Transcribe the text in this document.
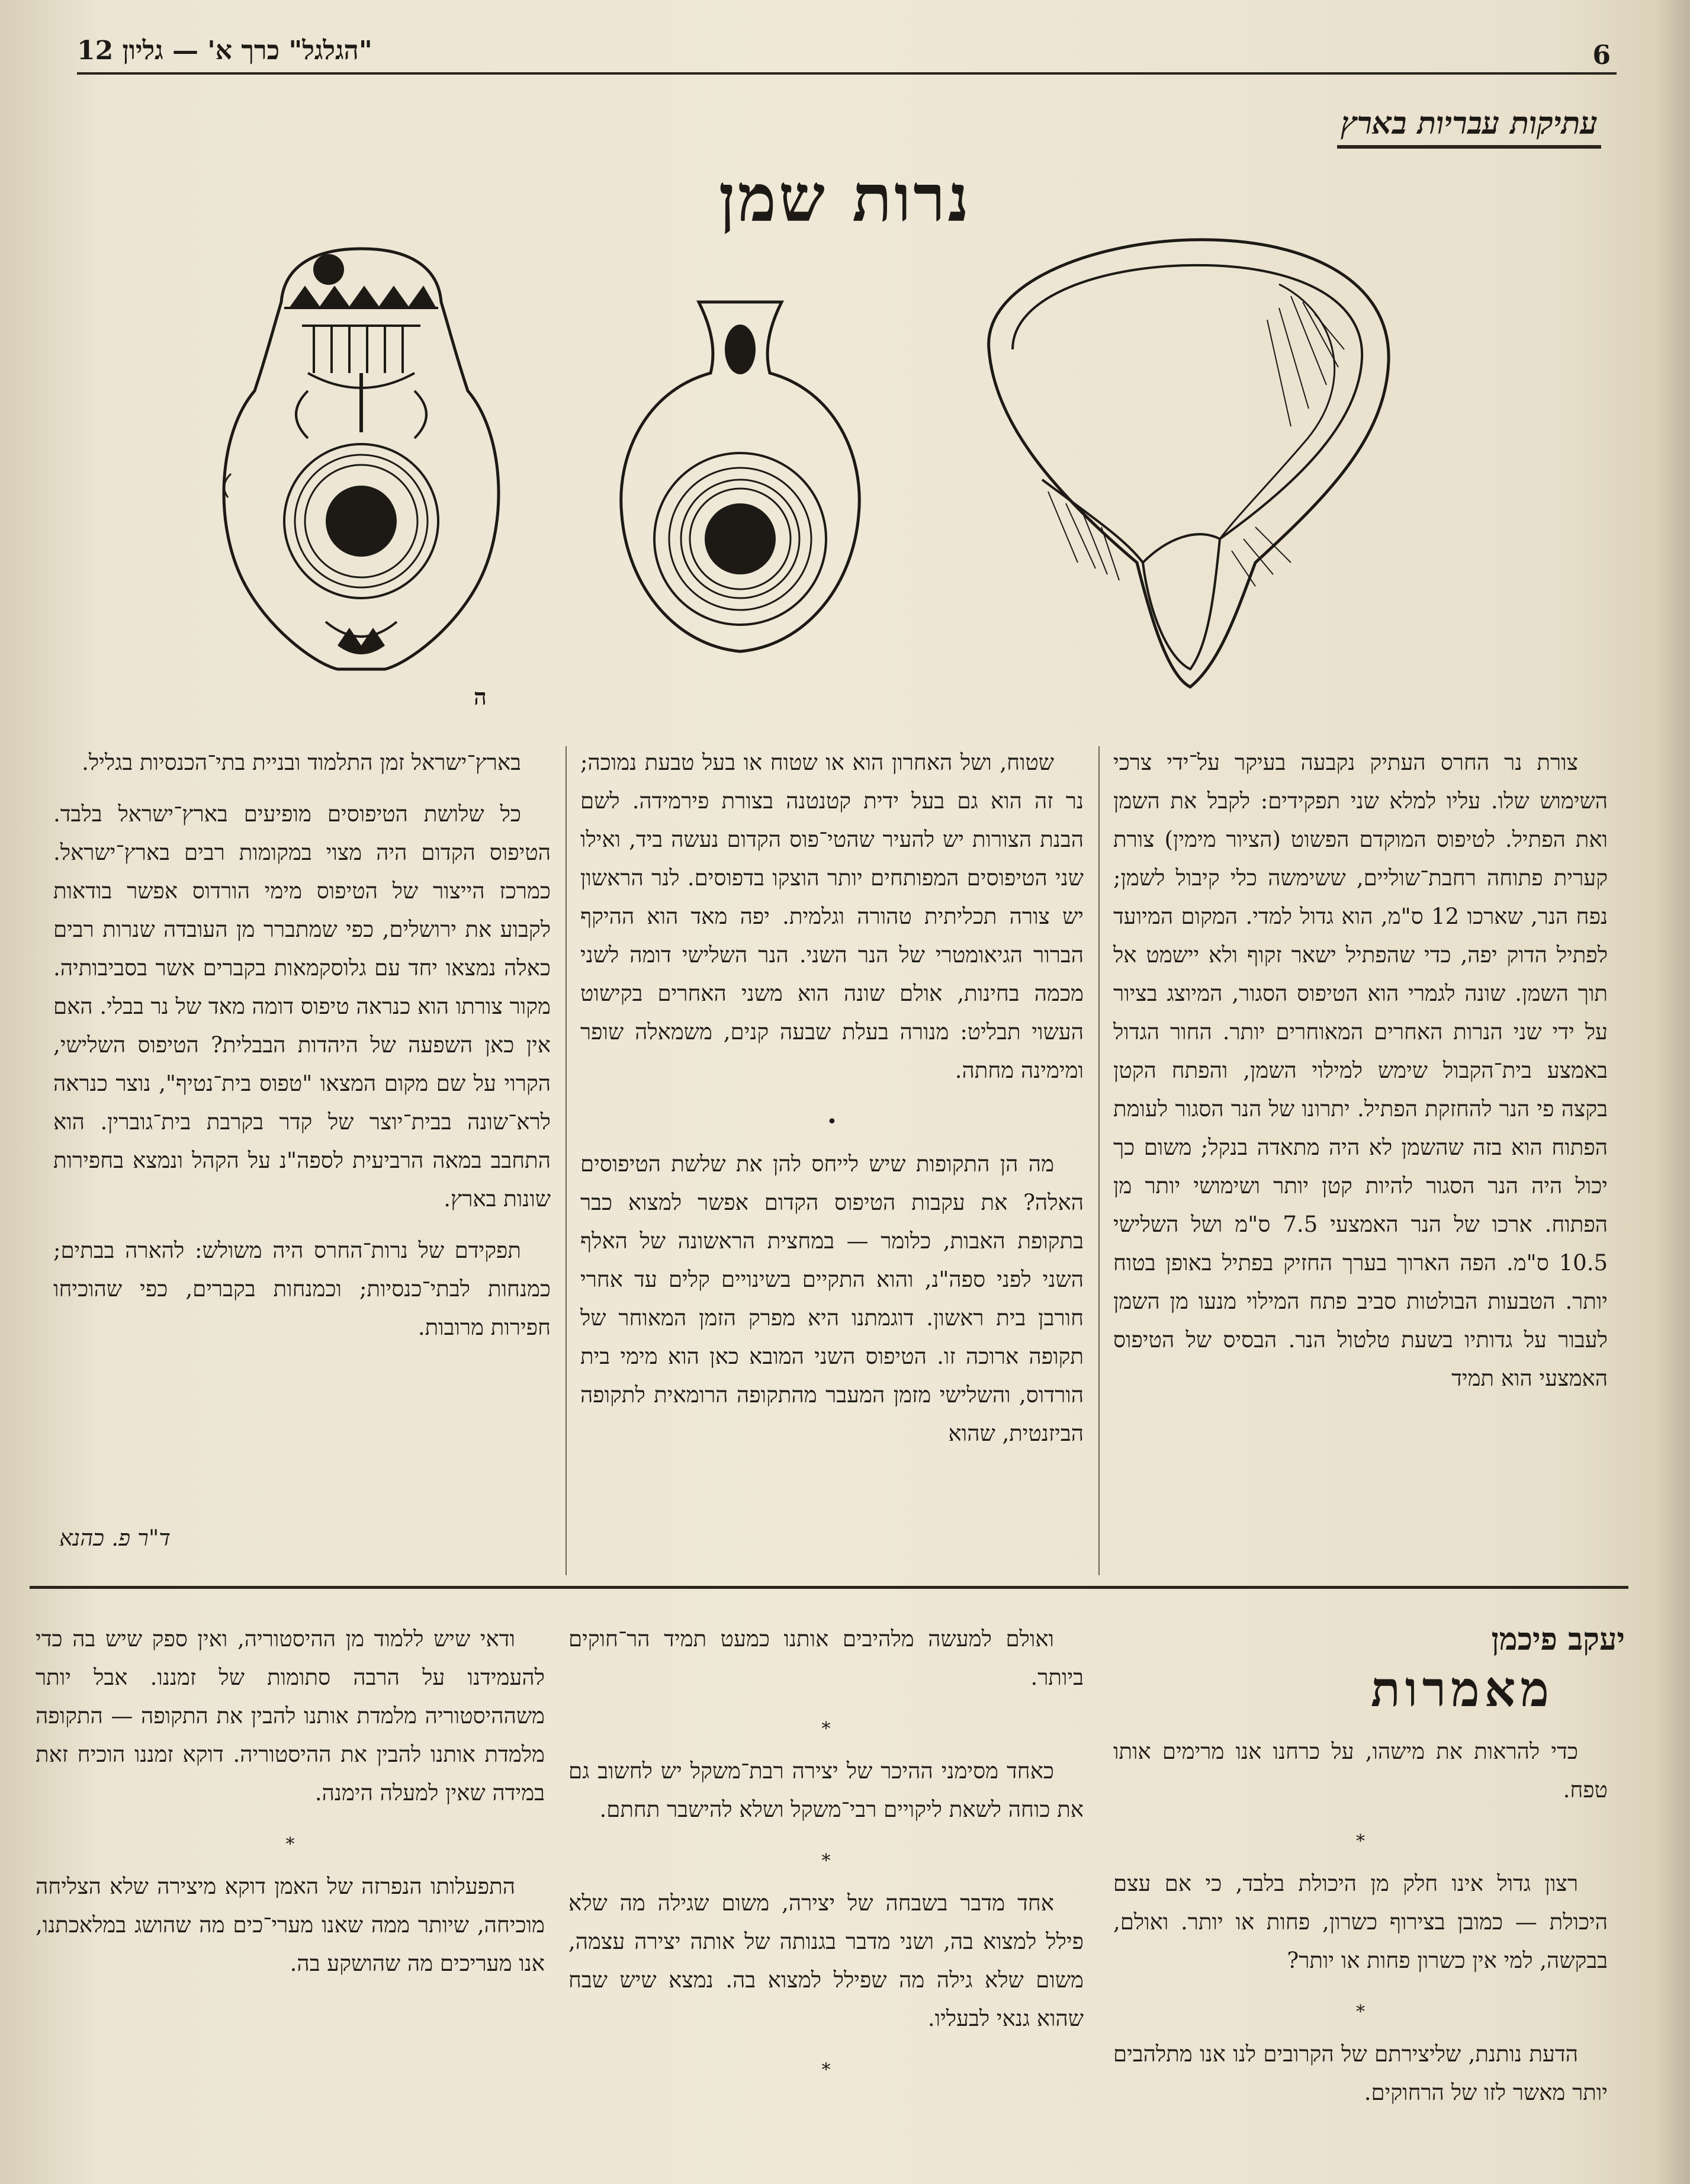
"הגלגל" כרך א' — גליון 12	6
עתיקות עבריות בארץ
נרות שמן
ה

צורת נר החרס העתיק נקבעה בעיקר על־ידי צרכי השימוש שלו. עליו למלא שני תפקידים: לקבל את השמן ואת הפתיל. לטיפוס המוקדם הפשוט (הציור מימין) צורת קערית פתוחה רחבת־שוליים, ששימשה כלי קיבול לשמן; נפח הנר, שארכו 12 ס"מ, הוא גדול למדי. המקום המיועד לפתיל הדוק יפה, כדי שהפתיל ישאר זקוף ולא יישמט אל תוך השמן. שונה לגמרי הוא הטיפוס הסגור, המיוצג בציור על ידי שני הנרות האחרים המאוחרים יותר. החור הגדול באמצע בית־הקבול שימש למילוי השמן, והפתח הקטן בקצה פי הנר להחזקת הפתיל. יתרונו של הנר הסגור לעומת הפתוח הוא בזה שהשמן לא היה מתאדה בנקל; משום כך יכול היה הנר הסגור להיות קטן יותר ושימושי יותר מן הפתוח. ארכו של הנר האמצעי 7.5 ס"מ ושל השלישי 10.5 ס"מ. הפה הארוך בערך החזיק בפתיל באופן בטוח יותר. הטבעות הבולטות סביב פתח המילוי מנעו מן השמן לעבור על גדותיו בשעת טלטול הנר. הבסיס של הטיפוס האמצעי הוא תמיד

שטוח, ושל האחרון הוא או שטוח או בעל טבעת נמוכה; נר זה הוא גם בעל ידית קטנטנה בצורת פירמידה. לשם הבנת הצורות יש להעיר שהטי־פוס הקדום נעשה ביד, ואילו שני הטיפוסים המפותחים יותר הוצקו בדפוסים. לנר הראשון יש צורה תכליתית טהורה וגלמית. יפה מאד הוא ההיקף הברור הגיאומטרי של הנר השני. הנר השלישי דומה לשני מכמה בחינות, אולם שונה הוא משני האחרים בקישוט העשוי תבליט: מנורה בעלת שבעה קנים, משמאלה שופר ומימינה מחתה.

•

מה הן התקופות שיש לייחס להן את שלשת הטיפוסים האלה? את עקבות הטיפוס הקדום אפשר למצוא כבר בתקופת האבות, כלומר — במחצית הראשונה של האלף השני לפני ספה"נ, והוא התקיים בשינויים קלים עד אחרי חורבן בית ראשון. דוגמתנו היא מפרק הזמן המאוחר של תקופה ארוכה זו. הטיפוס השני המובא כאן הוא מימי בית הורדוס, והשלישי מזמן המעבר מהתקופה הרומאית לתקופה הביזנטית, שהוא

בארץ־ישראל זמן התלמוד ובניית בתי־הכנסיות בגליל.

כל שלושת הטיפוסים מופיעים בארץ־ישראל בלבד. הטיפוס הקדום היה מצוי במקומות רבים בארץ־ישראל. כמרכז הייצור של הטיפוס מימי הורדוס אפשר בודאות לקבוע את ירושלים, כפי שמתברר מן העובדה שנרות רבים כאלה נמצאו יחד עם גלוסקמאות בקברים אשר בסביבותיה. מקור צורתו הוא כנראה טיפוס דומה מאד של נר בבלי. האם אין כאן השפעה של היהדות הבבלית? הטיפוס השלישי, הקרוי על שם מקום המצאו "טפוס בית־נטיף", נוצר כנראה לרא־שונה בבית־יוצר של קדר בקרבת בית־גוברין. הוא התחבב במאה הרביעית לספה"נ על הקהל ונמצא בחפירות שונות בארץ.

תפקידם של נרות־החרס היה משולש: להארה בבתים; כמנחות לבתי־כנסיות; וכמנחות בקברים, כפי שהוכיחו חפירות מרובות.

ד"ר פ. כהנא
יעקב פיכמן
מאמרות

כדי להראות את מישהו, על כרחנו אנו מרימים אותו טפח.

*

רצון גדול אינו חלק מן היכולת בלבד, כי אם עצם היכולת — כמובן בצירוף כשרון, פחות או יותר. ואולם, בבקשה, למי אין כשרון פחות או יותר?

*

הדעת נותנת, שליצירתם של הקרובים לנו אנו מתלהבים יותר מאשר לזו של הרחוקים.

ואולם למעשה מלהיבים אותנו כמעט תמיד הר־חוקים ביותר.

*

כאחד מסימני ההיכר של יצירה רבת־משקל יש לחשוב גם את כוחה לשאת ליקויים רבי־משקל ושלא להישבר תחתם.

*

אחד מדבר בשבחה של יצירה, משום שגילה מה שלא פילל למצוא בה, ושני מדבר בגנותה של אותה יצירה עצמה, משום שלא גילה מה שפילל למצוא בה. נמצא שיש שבח שהוא גנאי לבעליו.

*

ודאי שיש ללמוד מן ההיסטוריה, ואין ספק שיש בה כדי להעמידנו על הרבה סתומות של זמננו. אבל יותר משההיסטוריה מלמדת אותנו להבין את התקופה — התקופה מלמדת אותנו להבין את ההיסטוריה. דוקא זמננו הוכיח זאת במידה שאין למעלה הימנה.

*

התפעלותו הנפרזה של האמן דוקא מיצירה שלא הצליחה מוכיחה, שיותר ממה שאנו מערי־כים מה שהושג במלאכתנו, אנו מעריכים מה שהושקע בה.
